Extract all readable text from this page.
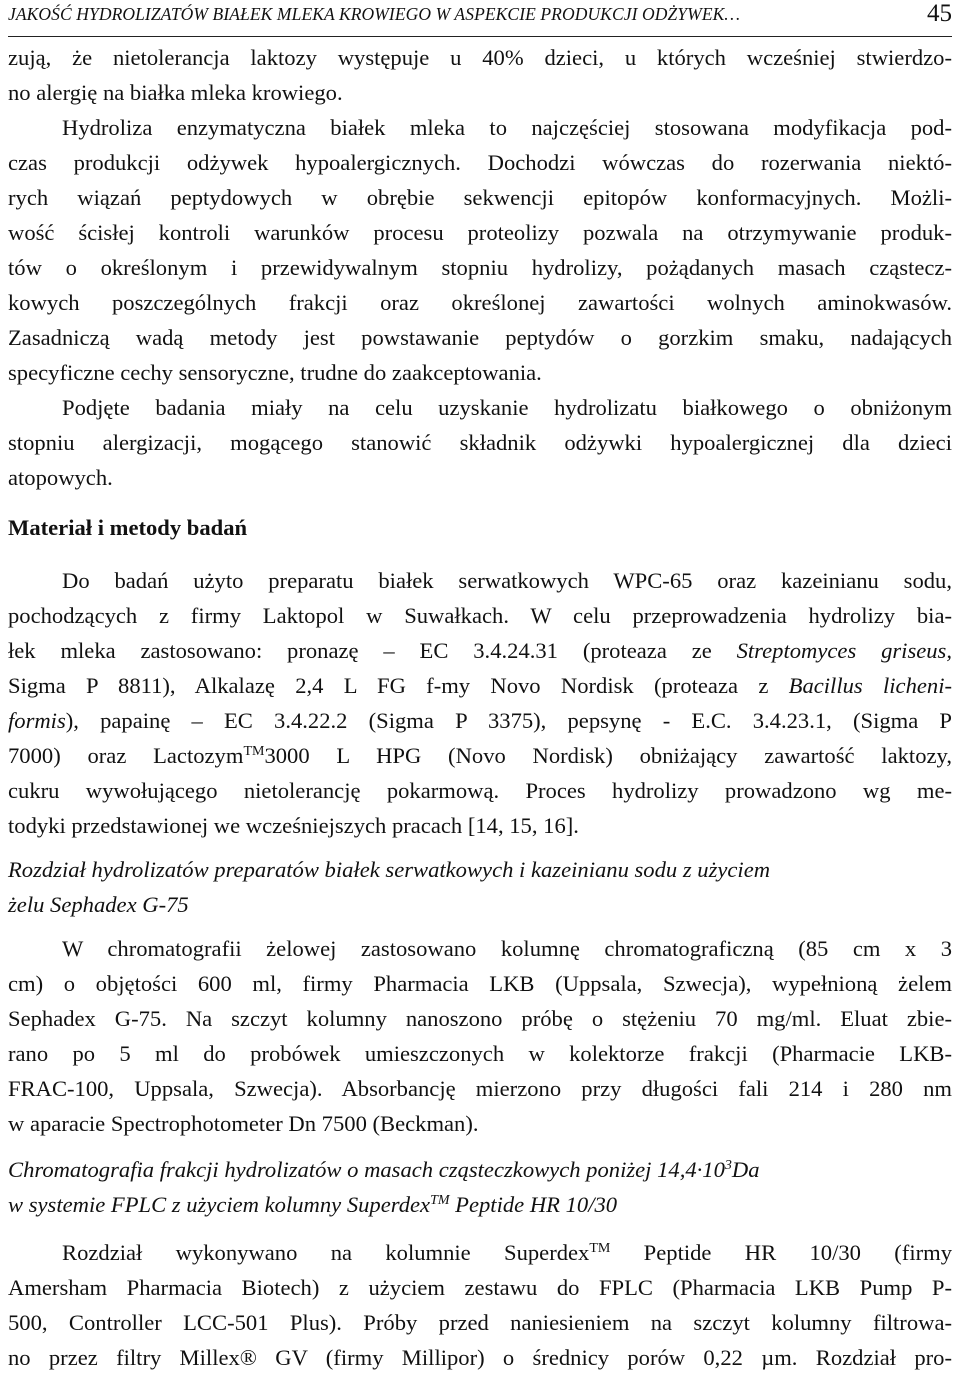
JAKOŚĆ HYDROLIZATÓW BIAŁEK MLEKA KROWIEGO W ASPEKCIE PRODUKCJI ODŻYWEK…	45
zują, że nietolerancja laktozy występuje u 40% dzieci, u których wcześniej stwierdzo-
no alergię na białka mleka krowiego.
Hydroliza enzymatyczna białek mleka to najczęściej stosowana modyfikacja pod-
czas produkcji odżywek hypoalergicznych. Dochodzi wówczas do rozerwania niektó-
rych wiązań peptydowych w obrębie sekwencji epitopów konformacyjnych. Możli-
wość ścisłej kontroli warunków procesu proteolizy pozwala na otrzymywanie produk-
tów o określonym i przewidywalnym stopniu hydrolizy, pożądanych masach cząstecz-
kowych poszczególnych frakcji oraz określonej zawartości wolnych aminokwasów.
Zasadniczą wadą metody jest powstawanie peptydów o gorzkim smaku, nadających
specyficzne cechy sensoryczne, trudne do zaakceptowania.
Podjęte badania miały na celu uzyskanie hydrolizatu białkowego o obniżonym
stopniu alergizacji, mogącego stanowić składnik odżywki hypoalergicznej dla dzieci
atopowych.
Materiał i metody badań
Do badań użyto preparatu białek serwatkowych WPC-65 oraz kazeinianu sodu,
pochodzących z firmy Laktopol w Suwałkach. W celu przeprowadzenia hydrolizy bia-
łek mleka zastosowano: pronazę – EC 3.4.24.31 (proteaza ze Streptomyces griseus,
Sigma P 8811), Alkalazę 2,4 L FG f-my Novo Nordisk (proteaza z Bacillus licheni-
formis), papainę – EC 3.4.22.2 (Sigma P 3375), pepsynę - E.C. 3.4.23.1, (Sigma P
7000) oraz Lactozym™3000 L HPG (Novo Nordisk) obniżający zawartość laktozy,
cukru wywołującego nietolerancję pokarmową. Proces hydrolizy prowadzono wg me-
todyki przedstawionej we wcześniejszych pracach [14, 15, 16].
Rozdział hydrolizatów preparatów białek serwatkowych i kazeinianu sodu z użyciem
żelu Sephadex G-75
W chromatografii żelowej zastosowano kolumnę chromatograficzną (85 cm x 3
cm) o objętości 600 ml, firmy Pharmacia LKB (Uppsala, Szwecja), wypełnioną żelem
Sephadex G-75. Na szczyt kolumny nanoszono próbę o stężeniu 70 mg/ml. Eluat zbie-
rano po 5 ml do probówek umieszczonych w kolektorze frakcji (Pharmacie LKB-
FRAC-100, Uppsala, Szwecja). Absorbancję mierzono przy długości fali 214 i 280 nm
w aparacie Spectrophotometer Dn 7500 (Beckman).
Chromatografia frakcji hydrolizatów o masach cząsteczkowych poniżej $14,4\cdot 10^3Da$
w systemie FPLC z użyciem kolumny Superdex™ Peptide HR 10/30
Rozdział wykonywano na kolumnie Superdex™ Peptide HR 10/30 (firmy
Amersham Pharmacia Biotech) z użyciem zestawu do FPLC (Pharmacia LKB Pump P-
500, Controller LCC-501 Plus). Próby przed naniesieniem na szczyt kolumny filtrowa-
no przez filtry Millex® GV (firmy Millipor) o średnicy porów 0,22 µm. Rozdział pro-
